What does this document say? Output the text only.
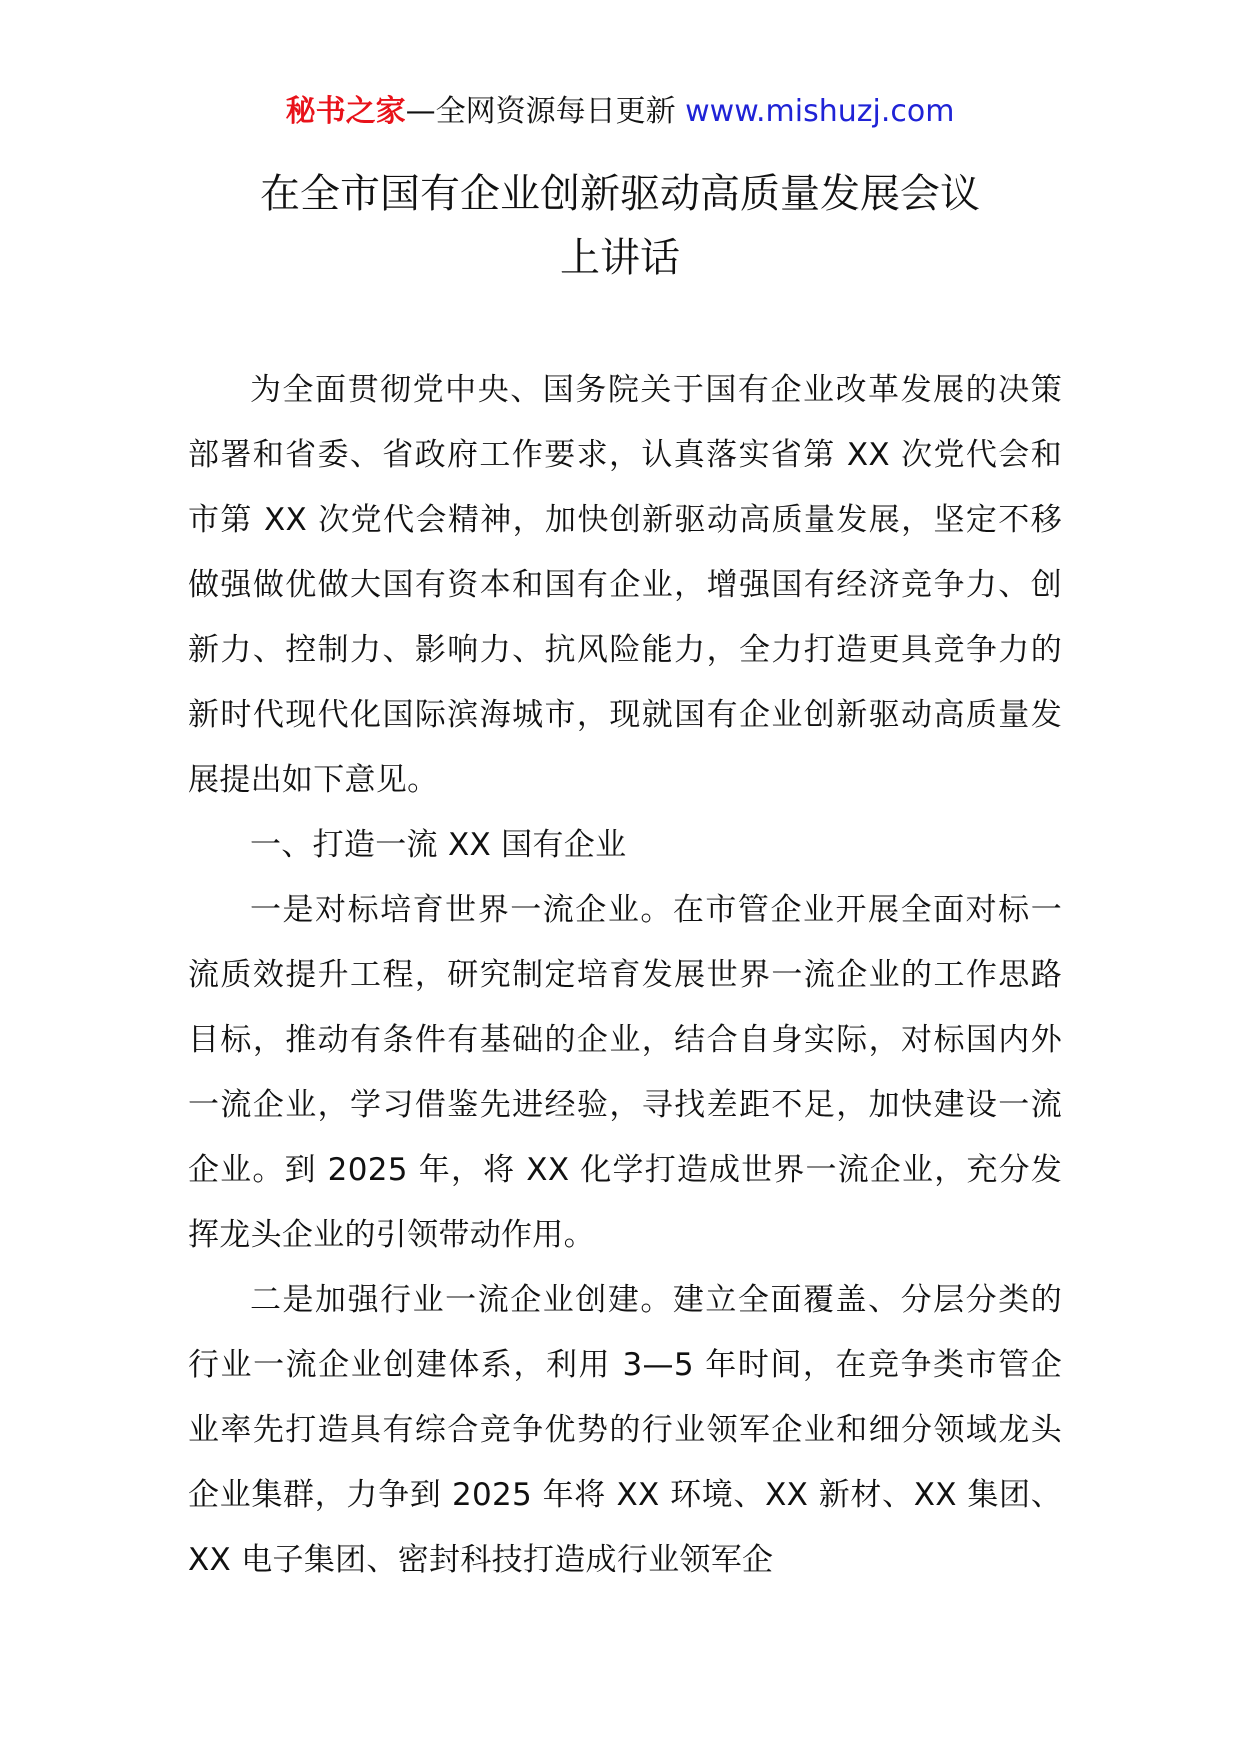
秘书之家—全网资源每日更新 www.mishuzj.com
在全市国有企业创新驱动高质量发展会议
上讲话

为全面贯彻党中央、国务院关于国有企业改革发展的决策部署和省委、省政府工作要求，认真落实省第 XX 次党代会和市第 XX 次党代会精神，加快创新驱动高质量发展，坚定不移做强做优做大国有资本和国有企业，增强国有经济竞争力、创新力、控制力、影响力、抗风险能力，全力打造更具竞争力的新时代现代化国际滨海城市，现就国有企业创新驱动高质量发展提出如下意见。

一、打造一流 XX 国有企业

一是对标培育世界一流企业。在市管企业开展全面对标一流质效提升工程，研究制定培育发展世界一流企业的工作思路目标，推动有条件有基础的企业，结合自身实际，对标国内外一流企业，学习借鉴先进经验，寻找差距不足，加快建设一流企业。到 2025 年，将 XX 化学打造成世界一流企业，充分发挥龙头企业的引领带动作用。

二是加强行业一流企业创建。建立全面覆盖、分层分类的行业一流企业创建体系，利用 3—5 年时间，在竞争类市管企业率先打造具有综合竞争优势的行业领军企业和细分领域龙头企业集群，力争到 2025 年将 XX 环境、XX 新材、XX 集团、XX 电子集团、密封科技打造成行业领军企
